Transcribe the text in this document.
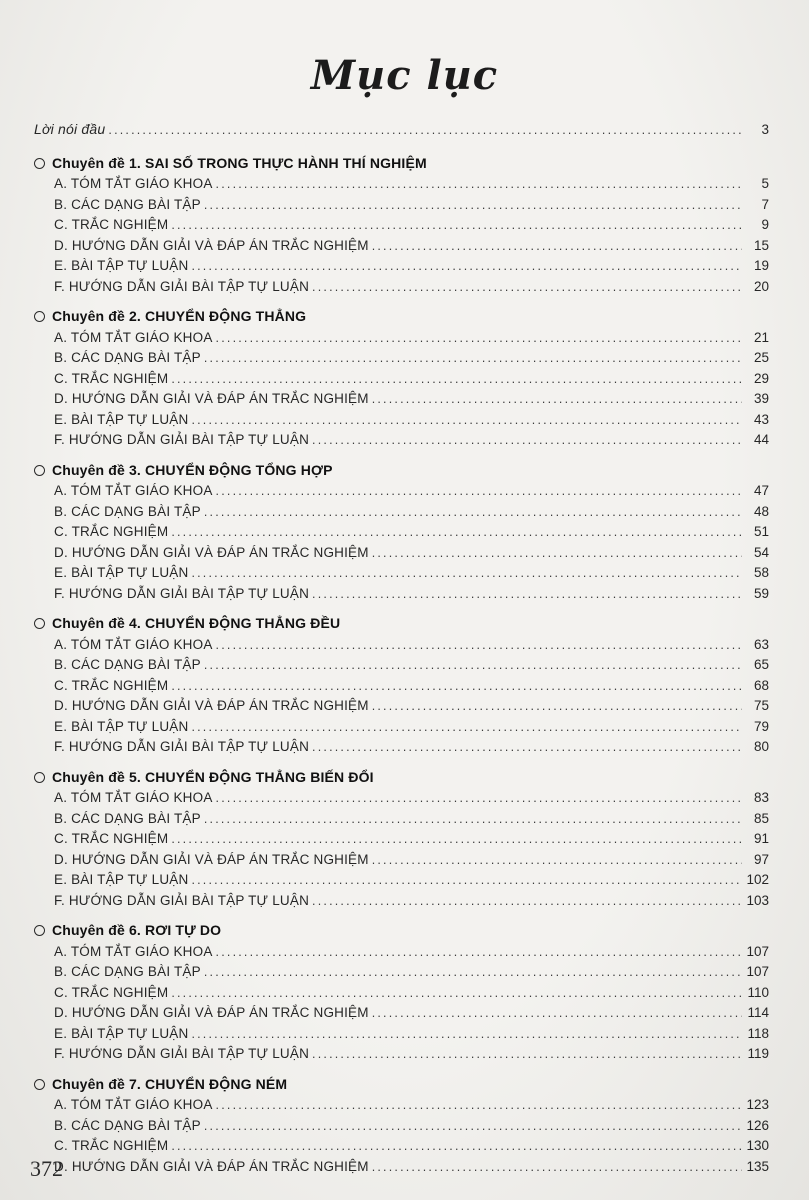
Mục lục
Lời nói đầu .....	3
Chuyên đề 1. SAI SỐ TRONG THỰC HÀNH THÍ NGHIỆM
A. TÓM TẮT GIÁO KHOA .....	5
B. CÁC DẠNG BÀI TẬP .....	7
C. TRẮC NGHIỆM .....	9
D. HƯỚNG DẪN GIẢI VÀ ĐÁP ÁN TRẮC NGHIỆM .....	15
E. BÀI TẬP TỰ LUẬN .....	19
F. HƯỚNG DẪN GIẢI BÀI TẬP TỰ LUẬN .....	20
Chuyên đề 2. CHUYỂN ĐỘNG THẲNG
A. TÓM TẮT GIÁO KHOA .....	21
B. CÁC DẠNG BÀI TẬP .....	25
C. TRẮC NGHIỆM .....	29
D. HƯỚNG DẪN GIẢI VÀ ĐÁP ÁN TRẮC NGHIỆM .....	39
E. BÀI TẬP TỰ LUẬN .....	43
F. HƯỚNG DẪN GIẢI BÀI TẬP TỰ LUẬN .....	44
Chuyên đề 3. CHUYỂN ĐỘNG TỔNG HỢP
A. TÓM TẮT GIÁO KHOA .....	47
B. CÁC DẠNG BÀI TẬP .....	48
C. TRẮC NGHIỆM .....	51
D. HƯỚNG DẪN GIẢI VÀ ĐÁP ÁN TRẮC NGHIỆM .....	54
E. BÀI TẬP TỰ LUẬN .....	58
F. HƯỚNG DẪN GIẢI BÀI TẬP TỰ LUẬN .....	59
Chuyên đề 4. CHUYỂN ĐỘNG THẲNG ĐỀU
A. TÓM TẮT GIÁO KHOA .....	63
B. CÁC DẠNG BÀI TẬP .....	65
C. TRẮC NGHIỆM .....	68
D. HƯỚNG DẪN GIẢI VÀ ĐÁP ÁN TRẮC NGHIỆM .....	75
E. BÀI TẬP TỰ LUẬN .....	79
F. HƯỚNG DẪN GIẢI BÀI TẬP TỰ LUẬN .....	80
Chuyên đề 5. CHUYỂN ĐỘNG THẲNG BIẾN ĐỔI
A. TÓM TẮT GIÁO KHOA .....	83
B. CÁC DẠNG BÀI TẬP .....	85
C. TRẮC NGHIỆM .....	91
D. HƯỚNG DẪN GIẢI VÀ ĐÁP ÁN TRẮC NGHIỆM .....	97
E. BÀI TẬP TỰ LUẬN .....	102
F. HƯỚNG DẪN GIẢI BÀI TẬP TỰ LUẬN .....	103
Chuyên đề 6. RƠI TỰ DO
A. TÓM TẮT GIÁO KHOA .....	107
B. CÁC DẠNG BÀI TẬP .....	107
C. TRẮC NGHIỆM .....	110
D. HƯỚNG DẪN GIẢI VÀ ĐÁP ÁN TRẮC NGHIỆM .....	114
E. BÀI TẬP TỰ LUẬN .....	118
F. HƯỚNG DẪN GIẢI BÀI TẬP TỰ LUẬN .....	119
Chuyên đề 7. CHUYỂN ĐỘNG NÉM
A. TÓM TẮT GIÁO KHOA .....	123
B. CÁC DẠNG BÀI TẬP .....	126
C. TRẮC NGHIỆM .....	130
D. HƯỚNG DẪN GIẢI VÀ ĐÁP ÁN TRẮC NGHIỆM .....	135
372
